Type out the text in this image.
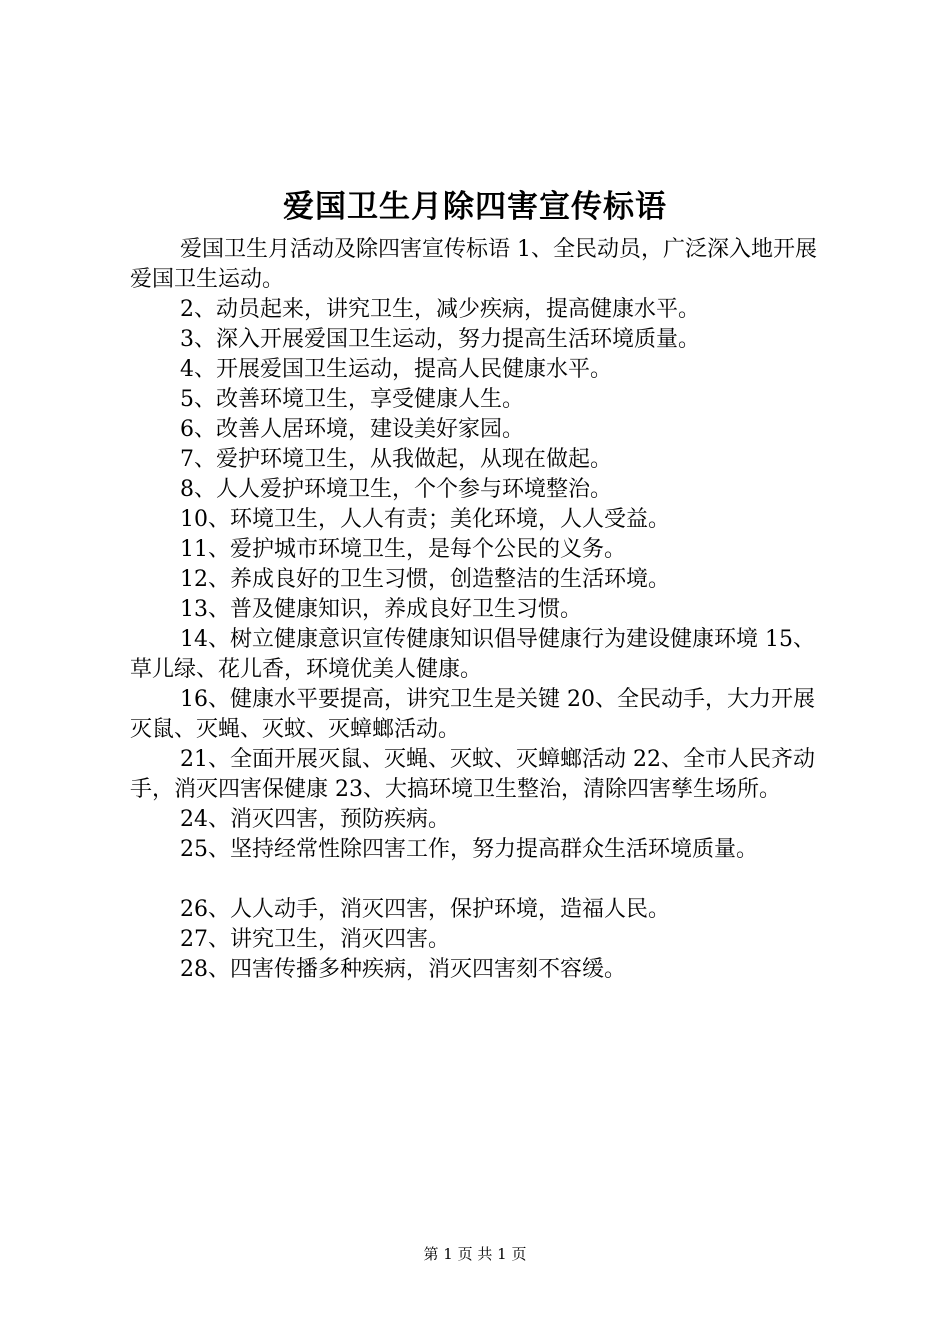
爱国卫生月除四害宣传标语

爱国卫生月活动及除四害宣传标语 1、全民动员，广泛深入地开展爱国卫生运动。

2、动员起来，讲究卫生，减少疾病，提高健康水平。

3、深入开展爱国卫生运动，努力提高生活环境质量。

4、开展爱国卫生运动，提高人民健康水平。

5、改善环境卫生，享受健康人生。

6、改善人居环境，建设美好家园。

7、爱护环境卫生，从我做起，从现在做起。

8、人人爱护环境卫生，个个参与环境整治。

10、环境卫生，人人有责；美化环境，人人受益。

11、爱护城市环境卫生，是每个公民的义务。

12、养成良好的卫生习惯，创造整洁的生活环境。

13、普及健康知识，养成良好卫生习惯。

14、树立健康意识宣传健康知识倡导健康行为建设健康环境 15、草儿绿、花儿香，环境优美人健康。

16、健康水平要提高，讲究卫生是关键 20、全民动手，大力开展灭鼠、灭蝇、灭蚊、灭蟑螂活动。

21、全面开展灭鼠、灭蝇、灭蚊、灭蟑螂活动 22、全市人民齐动手，消灭四害保健康 23、大搞环境卫生整治，清除四害孳生场所。

24、消灭四害，预防疾病。

25、坚持经常性除四害工作，努力提高群众生活环境质量。

26、人人动手，消灭四害，保护环境，造福人民。

27、讲究卫生，消灭四害。

28、四害传播多种疾病，消灭四害刻不容缓。

第 1 页 共 1 页
